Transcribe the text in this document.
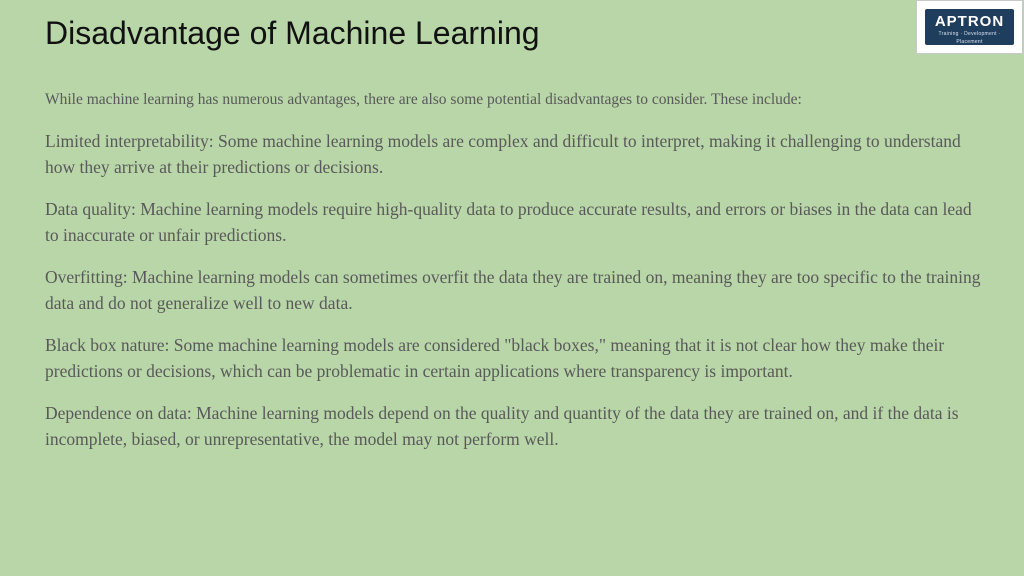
Disadvantage of Machine Learning	APTRON
Training · Development · Placement

While machine learning has numerous advantages, there are also some potential disadvantages to consider. These include:

Limited interpretability: Some machine learning models are complex and difficult to interpret, making it challenging to understand how they arrive at their predictions or decisions.

Data quality: Machine learning models require high-quality data to produce accurate results, and errors or biases in the data can lead to inaccurate or unfair predictions.

Overfitting: Machine learning models can sometimes overfit the data they are trained on, meaning they are too specific to the training data and do not generalize well to new data.

Black box nature: Some machine learning models are considered "black boxes," meaning that it is not clear how they make their predictions or decisions, which can be problematic in certain applications where transparency is important.

Dependence on data: Machine learning models depend on the quality and quantity of the data they are trained on, and if the data is incomplete, biased, or unrepresentative, the model may not perform well.
